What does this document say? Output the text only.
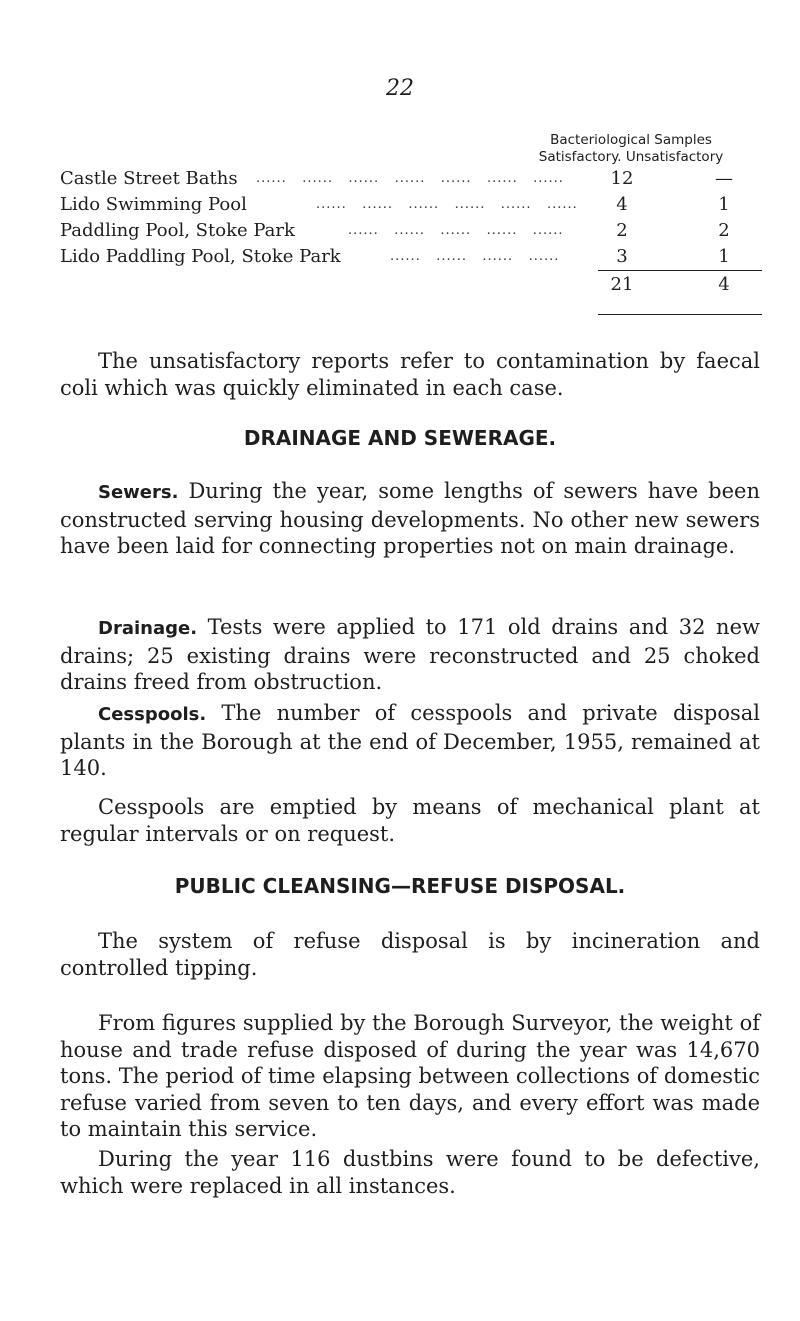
22
Bacteriological Samples
Satisfactory. Unsatisfactory
Castle Street Baths ......   ......   ......   ......   ......   ......   ......	12	—
Lido Swimming Pool	......   ......   ......   ......   ......   ......	4	1
Paddling Pool, Stoke Park	......   ......   ......   ......   ......	2	2
Lido Paddling Pool, Stoke Park	......   ......   ......   ......	3	1
21	4
The unsatisfactory reports refer to contamination by faecal coli which was quickly eliminated in each case.
DRAINAGE AND SEWERAGE.
Sewers. During the year, some lengths of sewers have been constructed serving housing developments. No other new sewers have been laid for connecting properties not on main drainage.
Drainage. Tests were applied to 171 old drains and 32 new drains; 25 existing drains were reconstructed and 25 choked drains freed from obstruction.
Cesspools. The number of cesspools and private disposal plants in the Borough at the end of December, 1955, remained at 140.
Cesspools are emptied by means of mechanical plant at regular intervals or on request.
PUBLIC CLEANSING—REFUSE DISPOSAL.
The system of refuse disposal is by incineration and controlled tipping.
From figures supplied by the Borough Surveyor, the weight of house and trade refuse disposed of during the year was 14,670 tons. The period of time elapsing between collections of domestic refuse varied from seven to ten days, and every effort was made to maintain this service.
During the year 116 dustbins were found to be defective, which were replaced in all instances.
